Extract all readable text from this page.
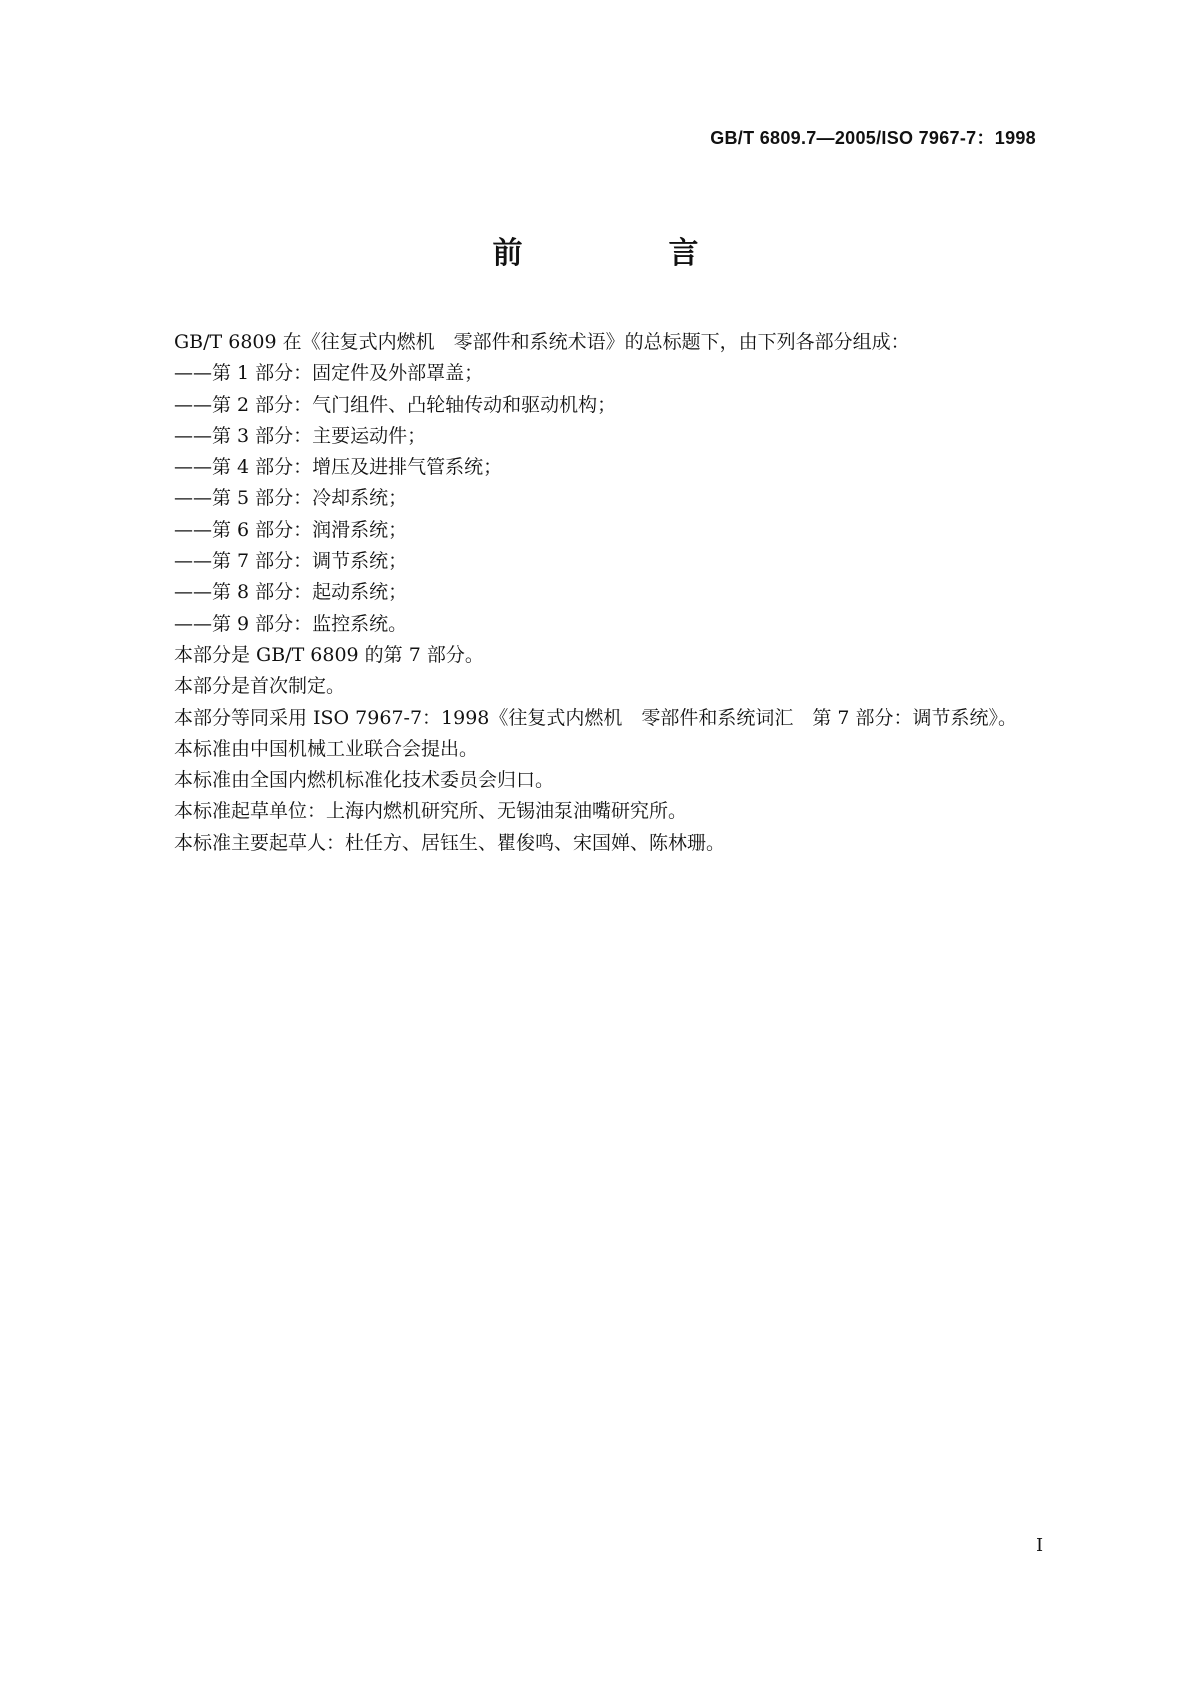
GB/T 6809.7—2005/ISO 7967-7：1998
前　言
GB/T 6809 在《往复式内燃机　零部件和系统术语》的总标题下，由下列各部分组成：
——第 1 部分：固定件及外部罩盖；
——第 2 部分：气门组件、凸轮轴传动和驱动机构；
——第 3 部分：主要运动件；
——第 4 部分：增压及进排气管系统；
——第 5 部分：冷却系统；
——第 6 部分：润滑系统；
——第 7 部分：调节系统；
——第 8 部分：起动系统；
——第 9 部分：监控系统。
本部分是 GB/T 6809 的第 7 部分。
本部分是首次制定。
本部分等同采用 ISO 7967-7：1998《往复式内燃机　零部件和系统词汇　第 7 部分：调节系统》。
本标准由中国机械工业联合会提出。
本标准由全国内燃机标准化技术委员会归口。
本标准起草单位：上海内燃机研究所、无锡油泵油嘴研究所。
本标准主要起草人：杜任方、居钰生、瞿俊鸣、宋国婵、陈林珊。
I
